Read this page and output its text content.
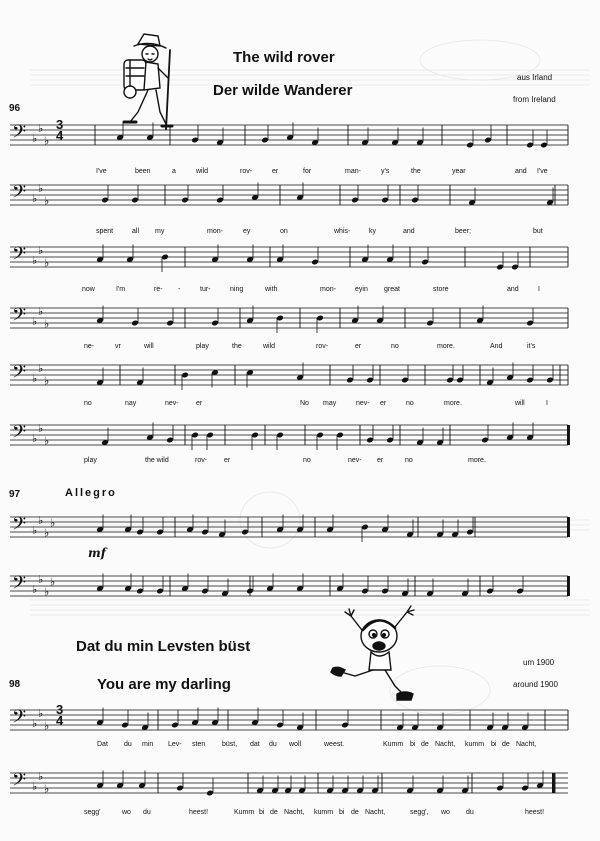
The wild rover
Der wilde Wanderer
aus Irland
from Ireland
96
𝄢 ♭
♭
♭
𝄢 ♭
♭
♭
𝄢 ♭
♭
♭
𝄢 ♭
♭
♭
𝄢 ♭
♭
♭
𝄢 ♭
♭
♭
3
4
I've	been	a	wild	rov-	er	for	man-	y's	the	year	and I've
spent	all my	mon-	ey	on	whis-	ky	and	beer;	but
now	I'm	re- -	tur-	ning	with	mon-	eyin great	store	and	I
ne-	vr	will	play	the	wild	rov-	er	no	more.	And	it's
no	nay	nev- er	No may	nev- er	no	more.	will	I
play	the wild	rov- er	no	nev- er	no	more.
97	Allegro
𝄢 ♭
♭
♭
♭
mf
𝄢 ♭
♭
♭
♭
Dat du min Levsten büst
um 1900
98	You are my darling	around 1900
𝄢 ♭
♭
♭
𝄢 ♭
♭
♭
3
4
Dat du min Lev- sten büst, dat du woll	weest.	Kumm bi de Nacht, kumm bi de Nacht,
segg'	wo du	heest!	Kumm bi de Nacht, kumm bi de Nacht,	segg', wo du	heest!
